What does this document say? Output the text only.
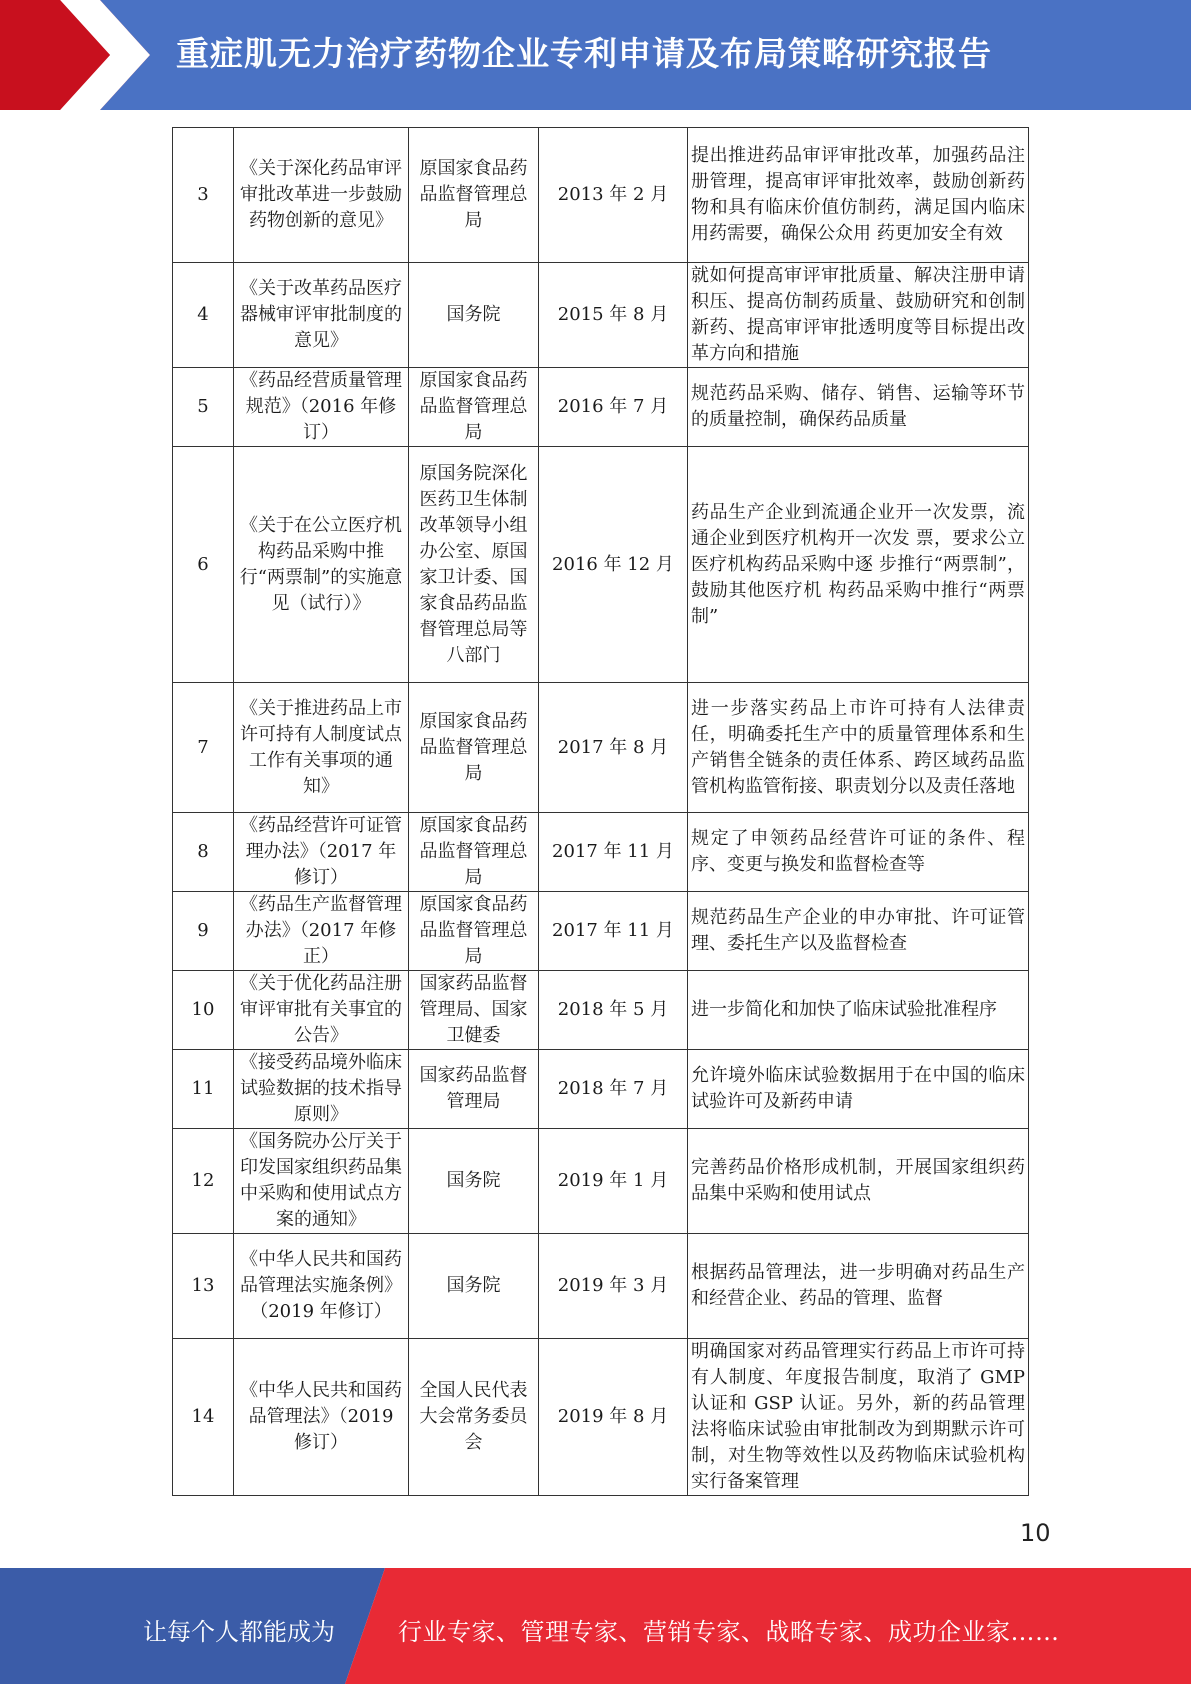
重症肌无力治疗药物企业专利申请及布局策略研究报告
3	《关于深化药品审评审批改革进一步鼓励药物创新的意见》	原国家食品药品监督管理总局	2013 年 2 月	提出推进药品审评审批改革，加强药品注册管理，提高审评审批效率，鼓励创新药物和具有临床价值仿制药，满足国内临床用药需要，确保公众用 药更加安全有效
4	《关于改革药品医疗器械审评审批制度的意见》	国务院	2015 年 8 月	就如何提高审评审批质量、解决注册申请积压、提高仿制药质量、鼓励研究和创制新药、提高审评审批透明度等目标提出改革方向和措施
5	《药品经营质量管理规范》（2016 年修订）	原国家食品药品监督管理总局	2016 年 7 月	规范药品采购、储存、销售、运输等环节的质量控制，确保药品质量
6	《关于在公立医疗机构药品采购中推行“两票制”的实施意见（试行）》	原国务院深化医药卫生体制改革领导小组办公室、原国家卫计委、国家食品药品监督管理总局等八部门	2016 年 12 月	药品生产企业到流通企业开一次发票，流通企业到医疗机构开一次发 票，要求公立医疗机构药品采购中逐 步推行“两票制”，鼓励其他医疗机 构药品采购中推行“两票制”
7	《关于推进药品上市许可持有人制度试点工作有关事项的通知》	原国家食品药品监督管理总局	2017 年 8 月	进一步落实药品上市许可持有人法律责任，明确委托生产中的质量管理体系和生产销售全链条的责任体系、跨区域药品监管机构监管衔接、职责划分以及责任落地
8	《药品经营许可证管理办法》（2017 年修订）	原国家食品药品监督管理总局	2017 年 11 月	规定了申领药品经营许可证的条件、程序、变更与换发和监督检查等
9	《药品生产监督管理办法》（2017 年修正）	原国家食品药品监督管理总局	2017 年 11 月	规范药品生产企业的申办审批、许可证管理、委托生产以及监督检查
10	《关于优化药品注册审评审批有关事宜的公告》	国家药品监督管理局、国家卫健委	2018 年 5 月	进一步简化和加快了临床试验批准程序
11	《接受药品境外临床试验数据的技术指导原则》	国家药品监督管理局	2018 年 7 月	允许境外临床试验数据用于在中国的临床试验许可及新药申请
12	《国务院办公厅关于印发国家组织药品集中采购和使用试点方案的通知》	国务院	2019 年 1 月	完善药品价格形成机制，开展国家组织药品集中采购和使用试点
13	《中华人民共和国药品管理法实施条例》（2019 年修订）	国务院	2019 年 3 月	根据药品管理法，进一步明确对药品生产和经营企业、药品的管理、监督
14	《中华人民共和国药品管理法》（2019 修订）	全国人民代表大会常务委员会	2019 年 8 月	明确国家对药品管理实行药品上市许可持有人制度、年度报告制度，取消了 GMP 认证和 GSP 认证。另外，新的药品管理法将临床试验由审批制改为到期默示许可制，对生物等效性以及药物临床试验机构实行备案管理
10
让每个人都能成为	行业专家、管理专家、营销专家、战略专家、成功企业家……
